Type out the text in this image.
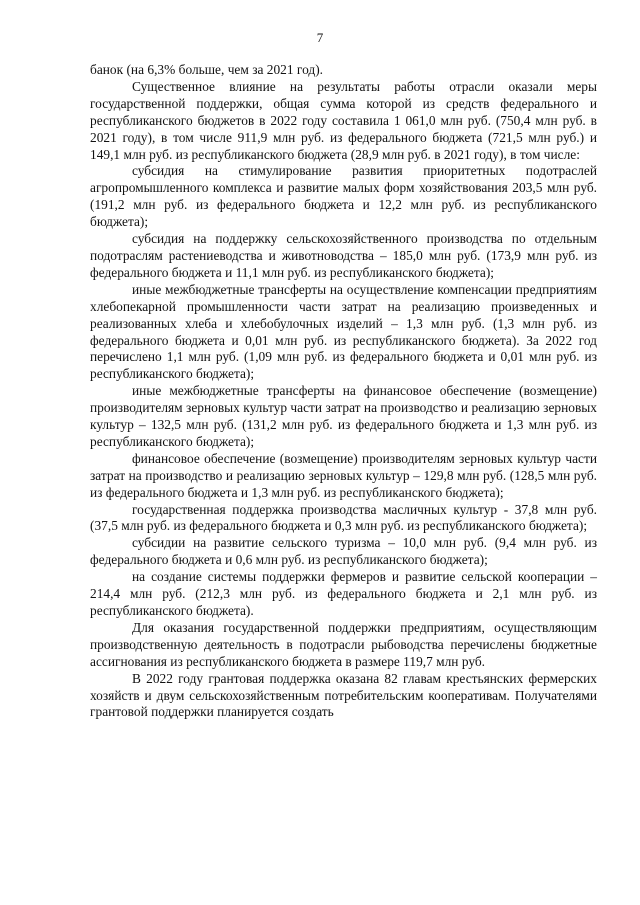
7

банок (на 6,3% больше, чем за 2021 год).

Существенное влияние на результаты работы отрасли оказали меры государственной поддержки, общая сумма которой из средств федерального и республиканского бюджетов в 2022 году составила 1 061,0 млн руб. (750,4 млн руб. в 2021 году), в том числе 911,9 млн руб. из федерального бюджета (721,5 млн руб.) и 149,1 млн руб. из республиканского бюджета (28,9 млн руб. в 2021 году), в том числе:

субсидия на стимулирование развития приоритетных подотраслей агропромышленного комплекса и развитие малых форм хозяйствования 203,5 млн руб. (191,2 млн руб. из федерального бюджета и 12,2 млн руб. из республиканского бюджета);

субсидия на поддержку сельскохозяйственного производства по отдельным подотраслям растениеводства и животноводства – 185,0 млн руб. (173,9 млн руб. из федерального бюджета и 11,1 млн руб. из республиканского бюджета);

иные межбюджетные трансферты на осуществление компенсации предприятиям хлебопекарной промышленности части затрат на реализацию произведенных и реализованных хлеба и хлебобулочных изделий – 1,3 млн руб. (1,3 млн руб. из федерального бюджета и 0,01 млн руб. из республиканского бюджета). За 2022 год перечислено 1,1 млн руб. (1,09 млн руб. из федерального бюджета и 0,01 млн руб. из республиканского бюджета);

иные межбюджетные трансферты на финансовое обеспечение (возмещение) производителям зерновых культур части затрат на производство и реализацию зерновых культур – 132,5 млн руб. (131,2 млн руб. из федерального бюджета и 1,3 млн руб. из республиканского бюджета);

финансовое обеспечение (возмещение) производителям зерновых культур части затрат на производство и реализацию зерновых культур – 129,8 млн руб. (128,5 млн руб. из федерального бюджета и 1,3 млн руб. из республиканского бюджета);

государственная поддержка производства масличных культур - 37,8 млн руб. (37,5 млн руб. из федерального бюджета и 0,3 млн руб. из республиканского бюджета);

субсидии на развитие сельского туризма – 10,0 млн руб. (9,4 млн руб. из федерального бюджета и 0,6 млн руб. из республиканского бюджета);

на создание системы поддержки фермеров и развитие сельской кооперации – 214,4 млн руб. (212,3 млн руб. из федерального бюджета и 2,1 млн руб. из республиканского бюджета).

Для оказания государственной поддержки предприятиям, осуществляющим производственную деятельность в подотрасли рыбоводства перечислены бюджетные ассигнования из республиканского бюджета в размере 119,7 млн руб.

В 2022 году грантовая поддержка оказана 82 главам крестьянских фермерских хозяйств и двум сельскохозяйственным потребительским кооперативам. Получателями грантовой поддержки планируется создать
